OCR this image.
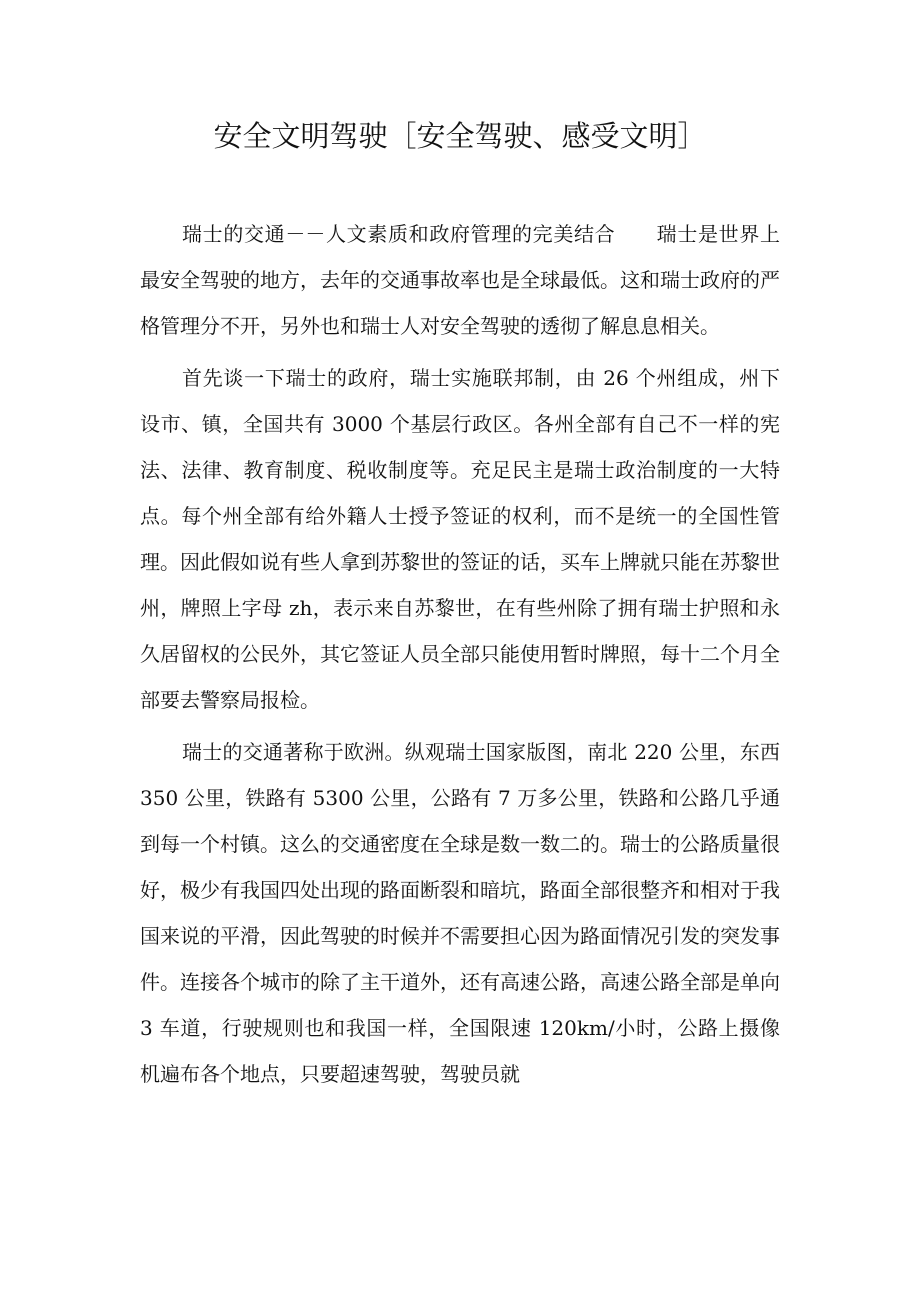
安全文明驾驶［安全驾驶、感受文明］

瑞士的交通－－人文素质和政府管理的完美结合　　瑞士是世界上最安全驾驶的地方，去年的交通事故率也是全球最低。这和瑞士政府的严格管理分不开，另外也和瑞士人对安全驾驶的透彻了解息息相关。

首先谈一下瑞士的政府，瑞士实施联邦制，由 26 个州组成，州下设市、镇，全国共有 3000 个基层行政区。各州全部有自己不一样的宪法、法律、教育制度、税收制度等。充足民主是瑞士政治制度的一大特点。每个州全部有给外籍人士授予签证的权利，而不是统一的全国性管理。因此假如说有些人拿到苏黎世的签证的话，买车上牌就只能在苏黎世州，牌照上字母 zh，表示来自苏黎世，在有些州除了拥有瑞士护照和永久居留权的公民外，其它签证人员全部只能使用暂时牌照，每十二个月全部要去警察局报检。

瑞士的交通著称于欧洲。纵观瑞士国家版图，南北 220 公里，东西 350 公里，铁路有 5300 公里，公路有 7 万多公里，铁路和公路几乎通到每一个村镇。这么的交通密度在全球是数一数二的。瑞士的公路质量很好，极少有我国四处出现的路面断裂和暗坑，路面全部很整齐和相对于我国来说的平滑，因此驾驶的时候并不需要担心因为路面情况引发的突发事件。连接各个城市的除了主干道外，还有高速公路，高速公路全部是单向 3 车道，行驶规则也和我国一样，全国限速 120km/小时，公路上摄像机遍布各个地点，只要超速驾驶，驾驶员就
